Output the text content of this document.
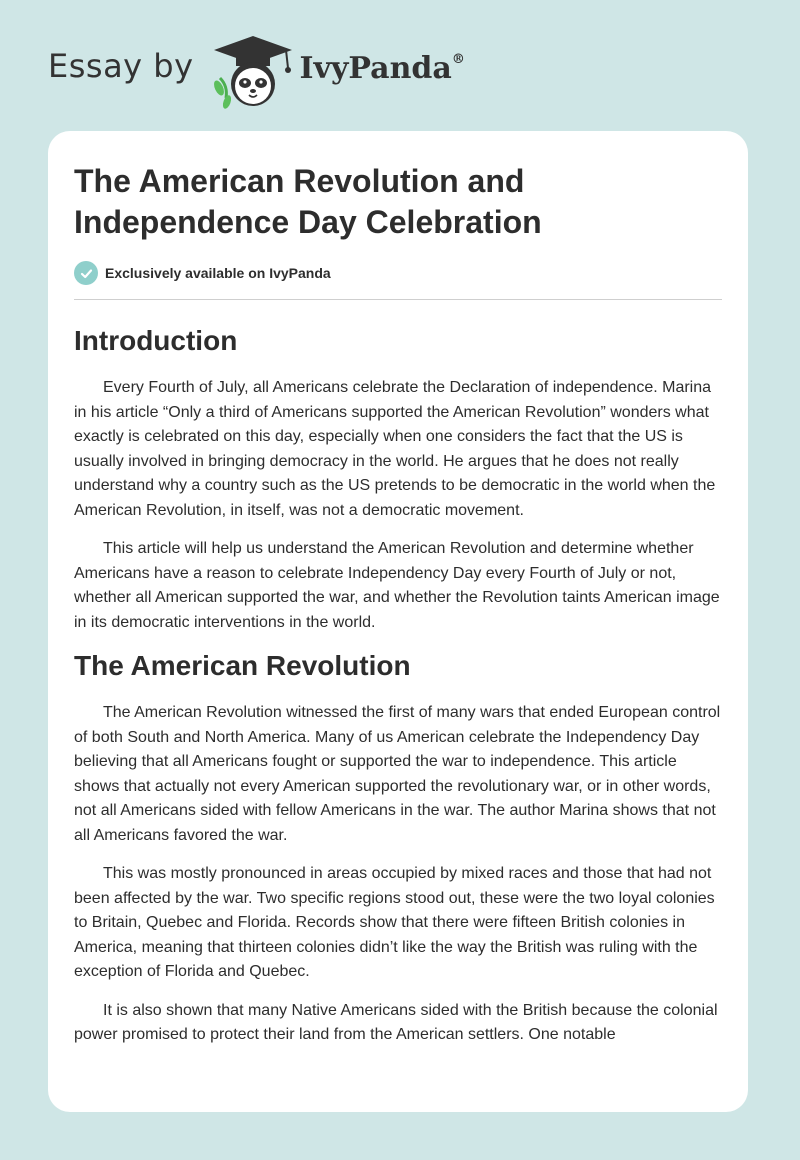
Essay by	IvyPanda®
The American Revolution and Independence Day Celebration
Exclusively available on IvyPanda
Introduction

Every Fourth of July, all Americans celebrate the Declaration of independence. Marina in his article “Only a third of Americans supported the American Revolution” wonders what exactly is celebrated on this day, especially when one considers the fact that the US is usually involved in bringing democracy in the world. He argues that he does not really understand why a country such as the US pretends to be democratic in the world when the American Revolution, in itself, was not a democratic movement.

This article will help us understand the American Revolution and determine whether Americans have a reason to celebrate Independency Day every Fourth of July or not, whether all American supported the war, and whether the Revolution taints American image in its democratic interventions in the world.

The American Revolution

The American Revolution witnessed the first of many wars that ended European control of both South and North America. Many of us American celebrate the Independency Day believing that all Americans fought or supported the war to independence. This article shows that actually not every American supported the revolutionary war, or in other words, not all Americans sided with fellow Americans in the war. The author Marina shows that not all Americans favored the war.

This was mostly pronounced in areas occupied by mixed races and those that had not been affected by the war. Two specific regions stood out, these were the two loyal colonies to Britain, Quebec and Florida. Records show that there were fifteen British colonies in America, meaning that thirteen colonies didn’t like the way the British was ruling with the exception of Florida and Quebec.

It is also shown that many Native Americans sided with the British because the colonial power promised to protect their land from the American settlers. One notable
